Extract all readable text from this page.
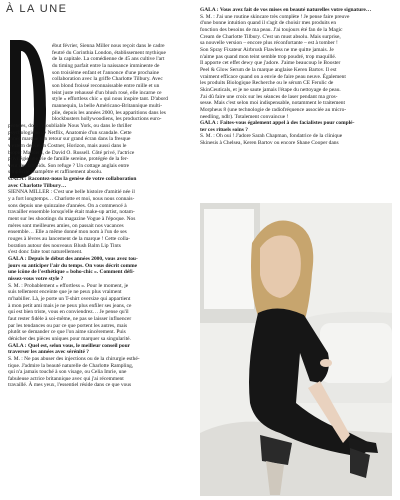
À LA UNE

ébut février, Sienna Miller nous reçoit dans le cadre

feutré du Corinthia London, établissement mythique

de la capitale. La comédienne de 45 ans cultive l'art

du timing parfait entre la naissance imminente de

son troisième enfant et l'annonce d'une prochaine

collaboration avec la griffe Charlotte Tilbury. Avec

son blond froissé reconnaissable entre mille et un

teint juste rehaussé d'un blush rosé, elle incarne ce

style « effortless chic » qui nous inspire tant. D'abord

mannequin, la belle Américano-Britannique multi-

plie, depuis les années 2000, les apparitions dans les

blockbusters hollywoodiens, les productions euro-

péennes, dont l'inoubliable Nous York, ou dans le thriller

psychologique de Netflix, Anatomie d'un scandale. Cette

année marque son retour sur grand écran dans la fresque

western de Kevin Costner, Horizon, mais aussi dans le

biopic Maddern, de David O. Russell. Côté privé, l'actrice

privilégie une vie de famille sereine, protégée de la fer-

veur des tabloïds. Son refuge ? Un cottage anglais entre

simplicité champêtre et raffinement absolu.

GALA : Racontez-nous la genèse de votre collaboration

avec Charlotte Tilbury…

SIENNA MILLER : C'est une belle histoire d'amitié née il

y a fort longtemps… Charlotte et moi, nous nous connais-

sons depuis une quinzaine d'années. On a commencé à

travailler ensemble lorsqu'elle était make-up artist, notam-

ment sur les shootings du magazine Vogue à l'époque. Nos

mères sont meilleures amies, on passait nos vacances

ensemble… Elle a même donné mon nom à l'un de ses

rouges à lèvres au lancement de la marque ! Cette colla-

boration autour des nouveaux Blush Balm Lip Tints

s'est donc faite tout naturellement.

GALA : Depuis le début des années 2000, vous avez tou-

jours su anticiper l'air du temps. On vous décrit comme

une icône de l'esthétique « boho-chic ». Comment défi-

nissez-vous votre style ?

S. M. : Probablement « effortless ». Pour le moment, je

suis tellement enceinte que je ne peux plus vraiment

m'habiller. Là, je porte un T-shirt oversize qui appartient

à mon petit ami mais je ne peux plus enfiler ses jeans, ce

qui est bien triste, vous en conviendrez… Je pense qu'il

faut rester fidèle à soi-même, ne pas se laisser influencer

par les tendances ou par ce que portent les autres, mais

plutôt se demander ce que l'on aime sincèrement. Puis

dénicher des pièces uniques pour marquer sa singularité.

GALA : Quel est, selon vous, le meilleur conseil pour

traverser les années avec sérénité ?

S. M. : Ne pas abuser des injections ou de la chirurgie esthé-

tique. J'admire la beauté naturelle de Charlotte Rampling,

qui n'a jamais touché à son visage, ou Celia Imrie, une

fabuleuse actrice britannique avec qui j'ai récemment

travaillé. À mes yeux, l'essentiel réside dans ce que vous

GALA : Vous avez fait de vos mises en beauté naturelles votre signature…

S. M. : J'ai une routine skincare très complète ! Je pense faire preuve

d'une bonne intuition quand il s'agit de choisir mes produits en

fonction des besoins de ma peau. J'ai toujours été fan de la Magic

Cream de Charlotte Tilbury. C'est un must absolu. Mais surprise,

sa nouvelle version – encore plus réconfortante – est à tomber !

Son Spray Fixateur Airbrush Flawless ne me quitte jamais. Je

n'aime pas quand mon teint semble trop poudré, trop maquillé.

Il apporte cet effet dewy que j'adore. J'aime beaucoup le Booster

Peel & Glow Serum de la marque anglaise Keren Bartov. Il est

vraiment efficace quand on a envie de faire peau neuve. Également

les produits Biologique Recherche ou le sérum CE Ferulic de

SkinCeuticals, et je ne saute jamais l'étape du nettoyage de peau.

J'ai dû faire une croix sur les séances de laser pendant ma gros-

sesse. Mais c'est selon moi indispensable, notamment le traitement

Morpheus 8 (une technologie de radiofréquence associée au micro-

needling, ndlr). Totalement convaincue !

GALA : Faites-vous également appel à des facialistes pour complé-

ter ces rituels soins ?

S. M. : Oh oui ! J'adore Sarah Chapman, fondatrice de la clinique

Skinesis à Chelsea, Keren Bartov ou encore Shane Cooper dans
